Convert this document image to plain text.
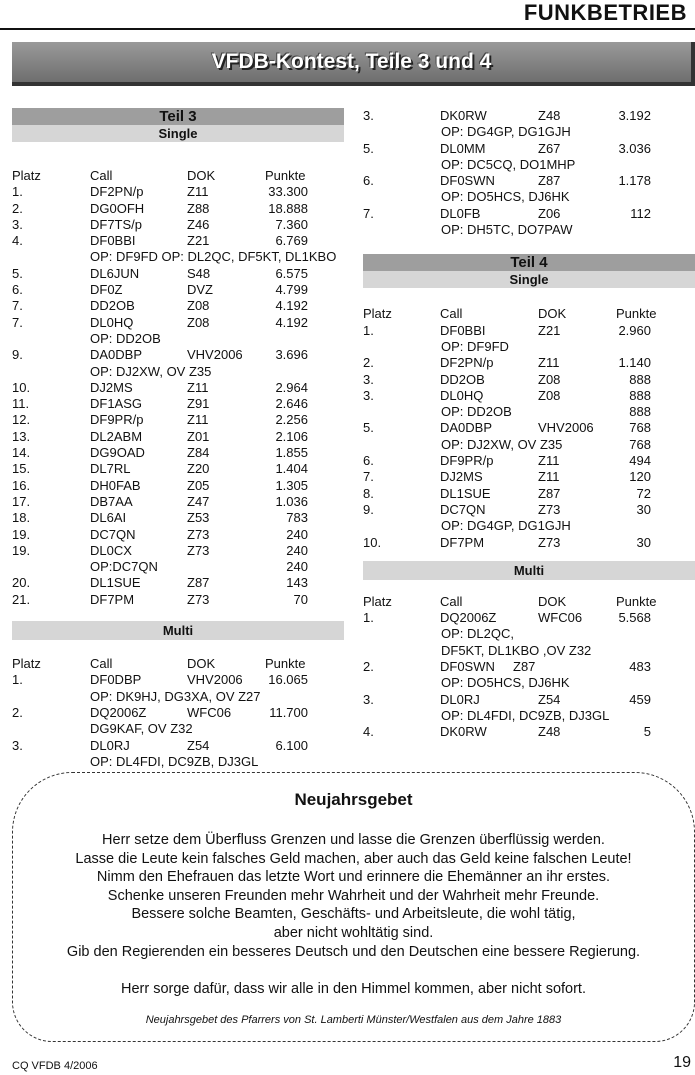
FUNKBETRIEB
VFDB-Kontest, Teile 3 und 4
Teil 3
Single
Platz	Call	DOK	Punkte
1.	DF2PN/p	Z11	33.300
2.	DG0OFH	Z88	18.888
3.	DF7TS/p	Z46	7.360
4.	DF0BBI	Z21	6.769
OP: DF9FD OP: DL2QC, DF5KT, DL1KBO
5.	DL6JUN	S48	6.575
6.	DF0Z	DVZ	4.799
7.	DD2OB	Z08	4.192
7.	DL0HQ	Z08	4.192
OP: DD2OB
9.	DA0DBP	VHV2006	3.696
OP: DJ2XW, OV Z35
10.	DJ2MS	Z11	2.964
11.	DF1ASG	Z91	2.646
12.	DF9PR/p	Z11	2.256
13.	DL2ABM	Z01	2.106
14.	DG9OAD	Z84	1.855
15.	DL7RL	Z20	1.404
16.	DH0FAB	Z05	1.305
17.	DB7AA	Z47	1.036
18.	DL6AI	Z53	783
19.	DC7QN	Z73	240
19.	DL0CX	Z73	240
OP:DC7QN	240
20.	DL1SUE	Z87	143
21.	DF7PM	Z73	70
Multi
Platz	Call	DOK	Punkte
1.	DF0DBP	VHV2006 16.065
OP: DK9HJ, DG3XA, OV Z27
2.	DQ2006Z	WFC06	11.700
DG9KAF, OV Z32
3.	DL0RJ	Z54	6.100
OP: DL4FDI, DC9ZB, DJ3GL
3.	DK0RW	Z48	3.192
OP: DG4GP, DG1GJH
5.	DL0MM	Z67	3.036
OP: DC5CQ, DO1MHP
6.	DF0SWN	Z87	1.178
OP: DO5HCS, DJ6HK
7.	DL0FB	Z06	112
OP: DH5TC, DO7PAW
Teil 4
Single
Platz	Call	DOK	Punkte
1.	DF0BBI	Z21	2.960
OP: DF9FD
2.	DF2PN/p	Z11	1.140
3.	DD2OB	Z08	888
3.	DL0HQ	Z08	888
OP: DD2OB	888
5.	DA0DBP	VHV2006	768
OP: DJ2XW, OV Z35	768
6.	DF9PR/p	Z11	494
7.	DJ2MS	Z11	120
8.	DL1SUE	Z87	72
9.	DC7QN	Z73	30
OP: DG4GP, DG1GJH
10.	DF7PM	Z73	30
Multi
Platz	Call	DOK	Punkte
1.	DQ2006Z	WFC06	5.568
OP: DL2QC,
DF5KT, DL1KBO ,OV Z32
2.	DF0SWN Z87	483
OP: DO5HCS, DJ6HK
3.	DL0RJ	Z54	459
OP: DL4FDI, DC9ZB, DJ3GL
4.	DK0RW	Z48	5
Neujahrsgebet
Herr setze dem Überfluss Grenzen und lasse die Grenzen überflüssig werden.
Lasse die Leute kein falsches Geld machen, aber auch das Geld keine falschen Leute!
Nimm den Ehefrauen das letzte Wort und erinnere die Ehemänner an ihr erstes.
Schenke unseren Freunden mehr Wahrheit und der Wahrheit mehr Freunde.
Bessere solche Beamten, Geschäfts- und Arbeitsleute, die wohl tätig,
aber nicht wohltätig sind.
Gib den Regierenden ein besseres Deutsch und den Deutschen eine bessere Regierung.
Herr sorge dafür, dass wir alle in den Himmel kommen, aber nicht sofort.
Neujahrsgebet des Pfarrers von St. Lamberti Münster/Westfalen aus dem Jahre 1883
CQ VFDB 4/2006	19
